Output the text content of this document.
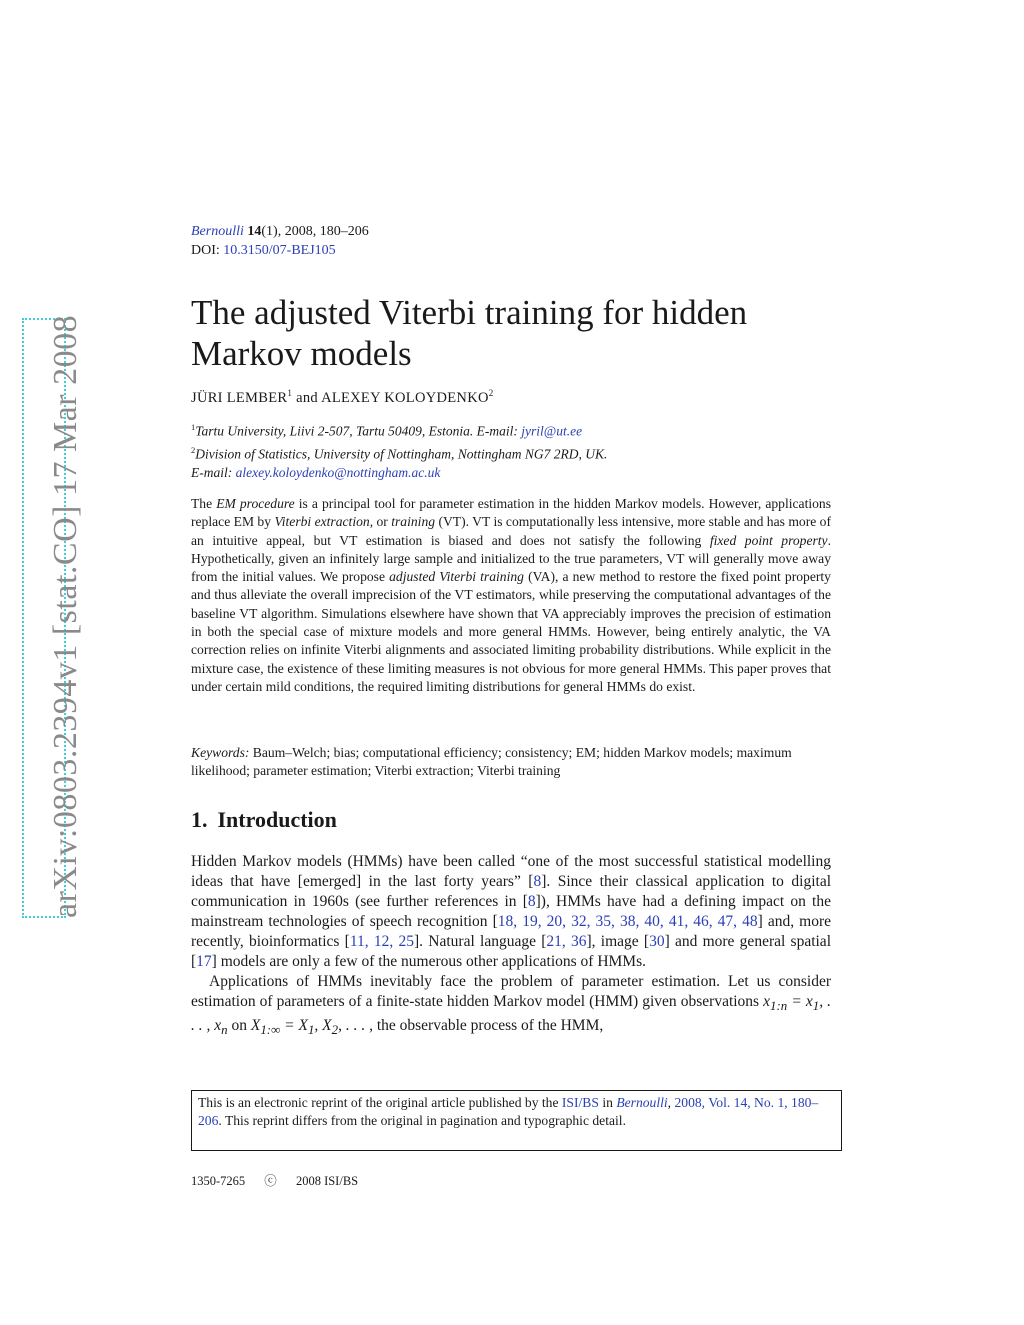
arXiv:0803.2394v1 [stat.CO] 17 Mar 2008
Bernoulli 14(1), 2008, 180–206
DOI: 10.3150/07-BEJ105
The adjusted Viterbi training for hidden Markov models
JÜRI LEMBER$^1$ and ALEXEY KOLOYDENKO$^2$
$^1$Tartu University, Liivi 2-507, Tartu 50409, Estonia. E-mail: jyril@ut.ee
$^2$Division of Statistics, University of Nottingham, Nottingham NG7 2RD, UK.
E-mail: alexey.koloydenko@nottingham.ac.uk

The EM procedure is a principal tool for parameter estimation in the hidden Markov models. However, applications replace EM by Viterbi extraction, or training (VT). VT is computationally less intensive, more stable and has more of an intuitive appeal, but VT estimation is biased and does not satisfy the following fixed point property. Hypothetically, given an infinitely large sample and initialized to the true parameters, VT will generally move away from the initial values. We propose adjusted Viterbi training (VA), a new method to restore the fixed point property and thus alleviate the overall imprecision of the VT estimators, while preserving the computational advantages of the baseline VT algorithm. Simulations elsewhere have shown that VA appreciably improves the precision of estimation in both the special case of mixture models and more general HMMs. However, being entirely analytic, the VA correction relies on infinite Viterbi alignments and associated limiting probability distributions. While explicit in the mixture case, the existence of these limiting measures is not obvious for more general HMMs. This paper proves that under certain mild conditions, the required limiting distributions for general HMMs do exist.

Keywords: Baum–Welch; bias; computational efficiency; consistency; EM; hidden Markov models; maximum likelihood; parameter estimation; Viterbi extraction; Viterbi training

1. Introduction

Hidden Markov models (HMMs) have been called “one of the most successful statistical modelling ideas that have [emerged] in the last forty years” [8]. Since their classical application to digital communication in 1960s (see further references in [8]), HMMs have had a defining impact on the mainstream technologies of speech recognition [18, 19, 20, 32, 35, 38, 40, 41, 46, 47, 48] and, more recently, bioinformatics [11, 12, 25]. Natural language [21, 36], image [30] and more general spatial [17] models are only a few of the numerous other applications of HMMs.

Applications of HMMs inevitably face the problem of parameter estimation. Let us consider estimation of parameters of a finite-state hidden Markov model (HMM) given observations $x_{1:n} = x_1$, . . . , $x_n$ on $X_{1:\infty} = X_1$, $X_2$, . . . , the observable process of the HMM,

This is an electronic reprint of the original article published by the ISI/BS in Bernoulli, 2008, Vol. 14, No. 1, 180–206. This reprint differs from the original in pagination and typographic detail.
1350-7265 ⓒ 2008 ISI/BS
